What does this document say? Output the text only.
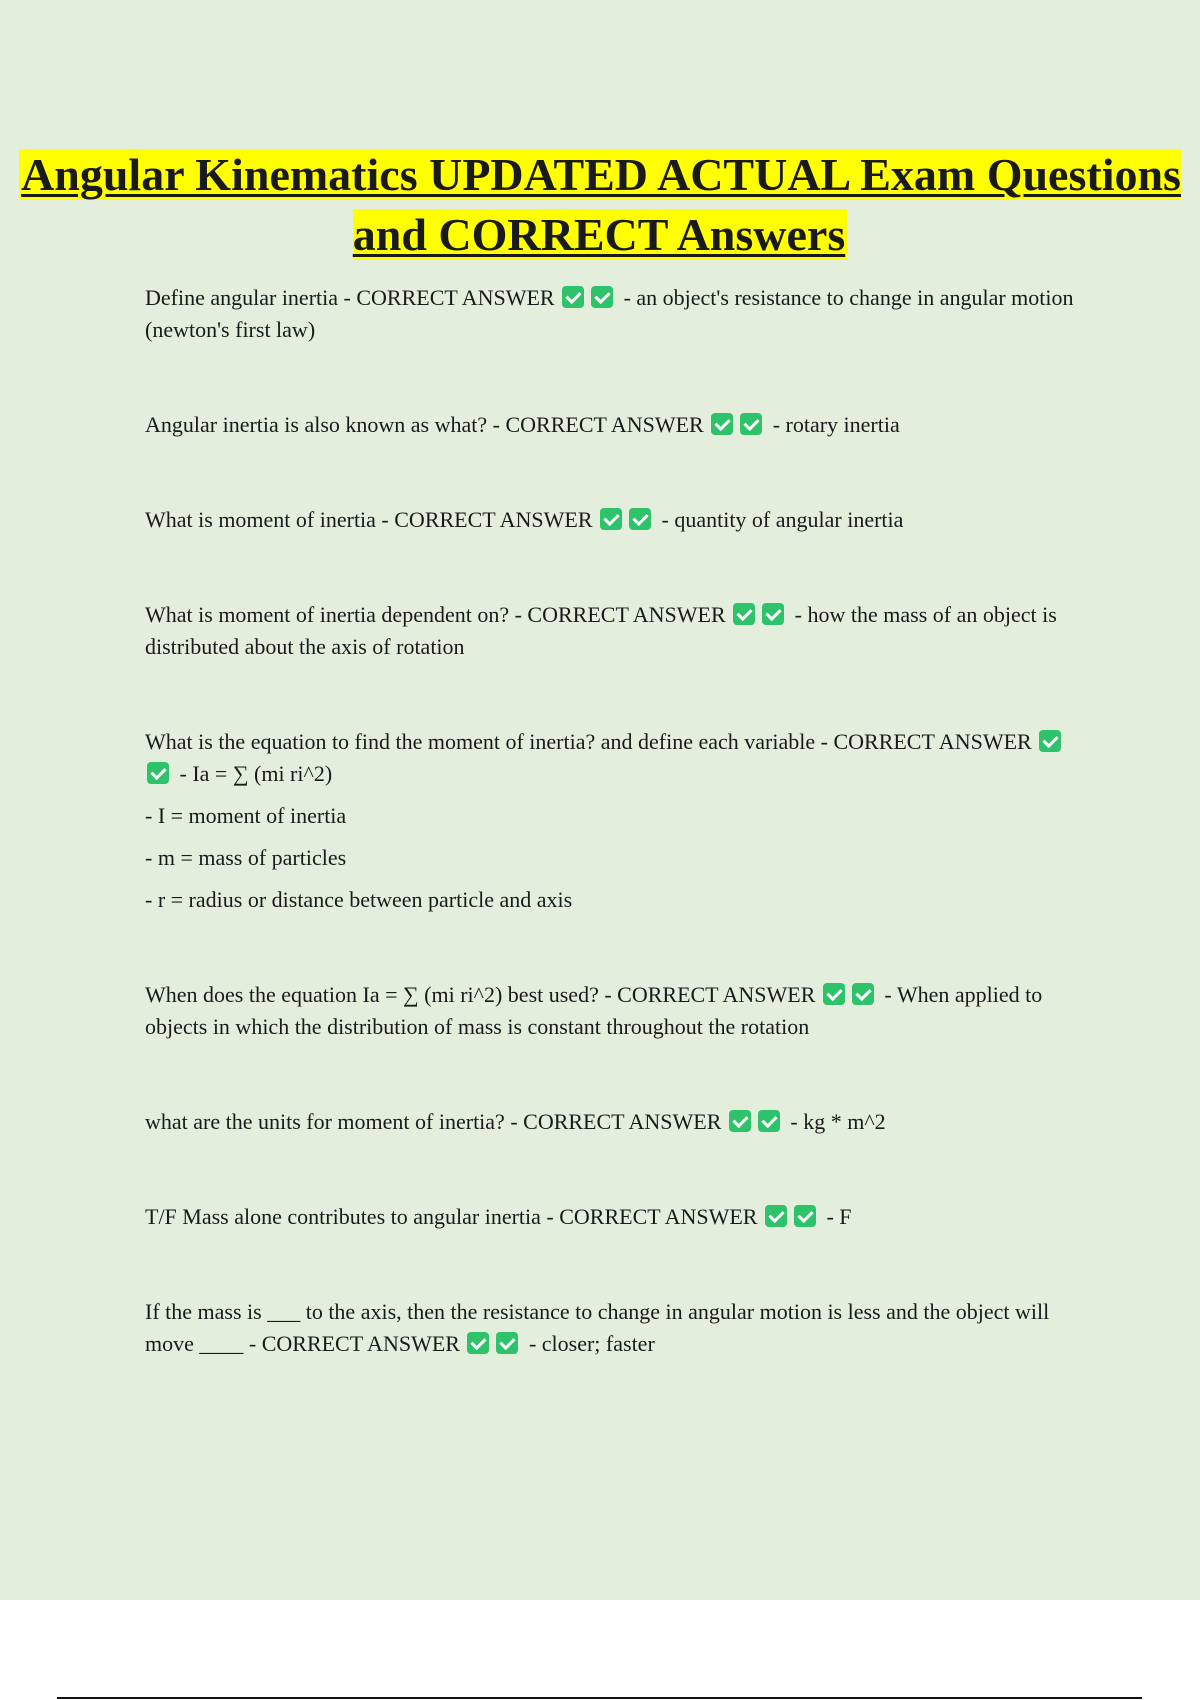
Angular Kinematics UPDATED ACTUAL Exam Questions and CORRECT Answers

Define angular inertia - CORRECT ANSWER	- an object's resistance to change in angular motion (newton's first law)

Angular inertia is also known as what? - CORRECT ANSWER	- rotary inertia

What is moment of inertia - CORRECT ANSWER	- quantity of angular inertia

What is moment of inertia dependent on? - CORRECT ANSWER	- how the mass of an object is distributed about the axis of rotation

What is the equation to find the moment of inertia? and define each variable - CORRECT ANSWER  - Ia = ∑ (mi ri^2)

- I = moment of inertia

- m = mass of particles

- r = radius or distance between particle and axis

When does the equation Ia = ∑ (mi ri^2) best used? - CORRECT ANSWER	- When applied to objects in which the distribution of mass is constant throughout the rotation

what are the units for moment of inertia? - CORRECT ANSWER	- kg * m^2

T/F Mass alone contributes to angular inertia - CORRECT ANSWER	- F

If the mass is ___ to the axis, then the resistance to change in angular motion is less and the object will move ____ - CORRECT ANSWER	- closer; faster
